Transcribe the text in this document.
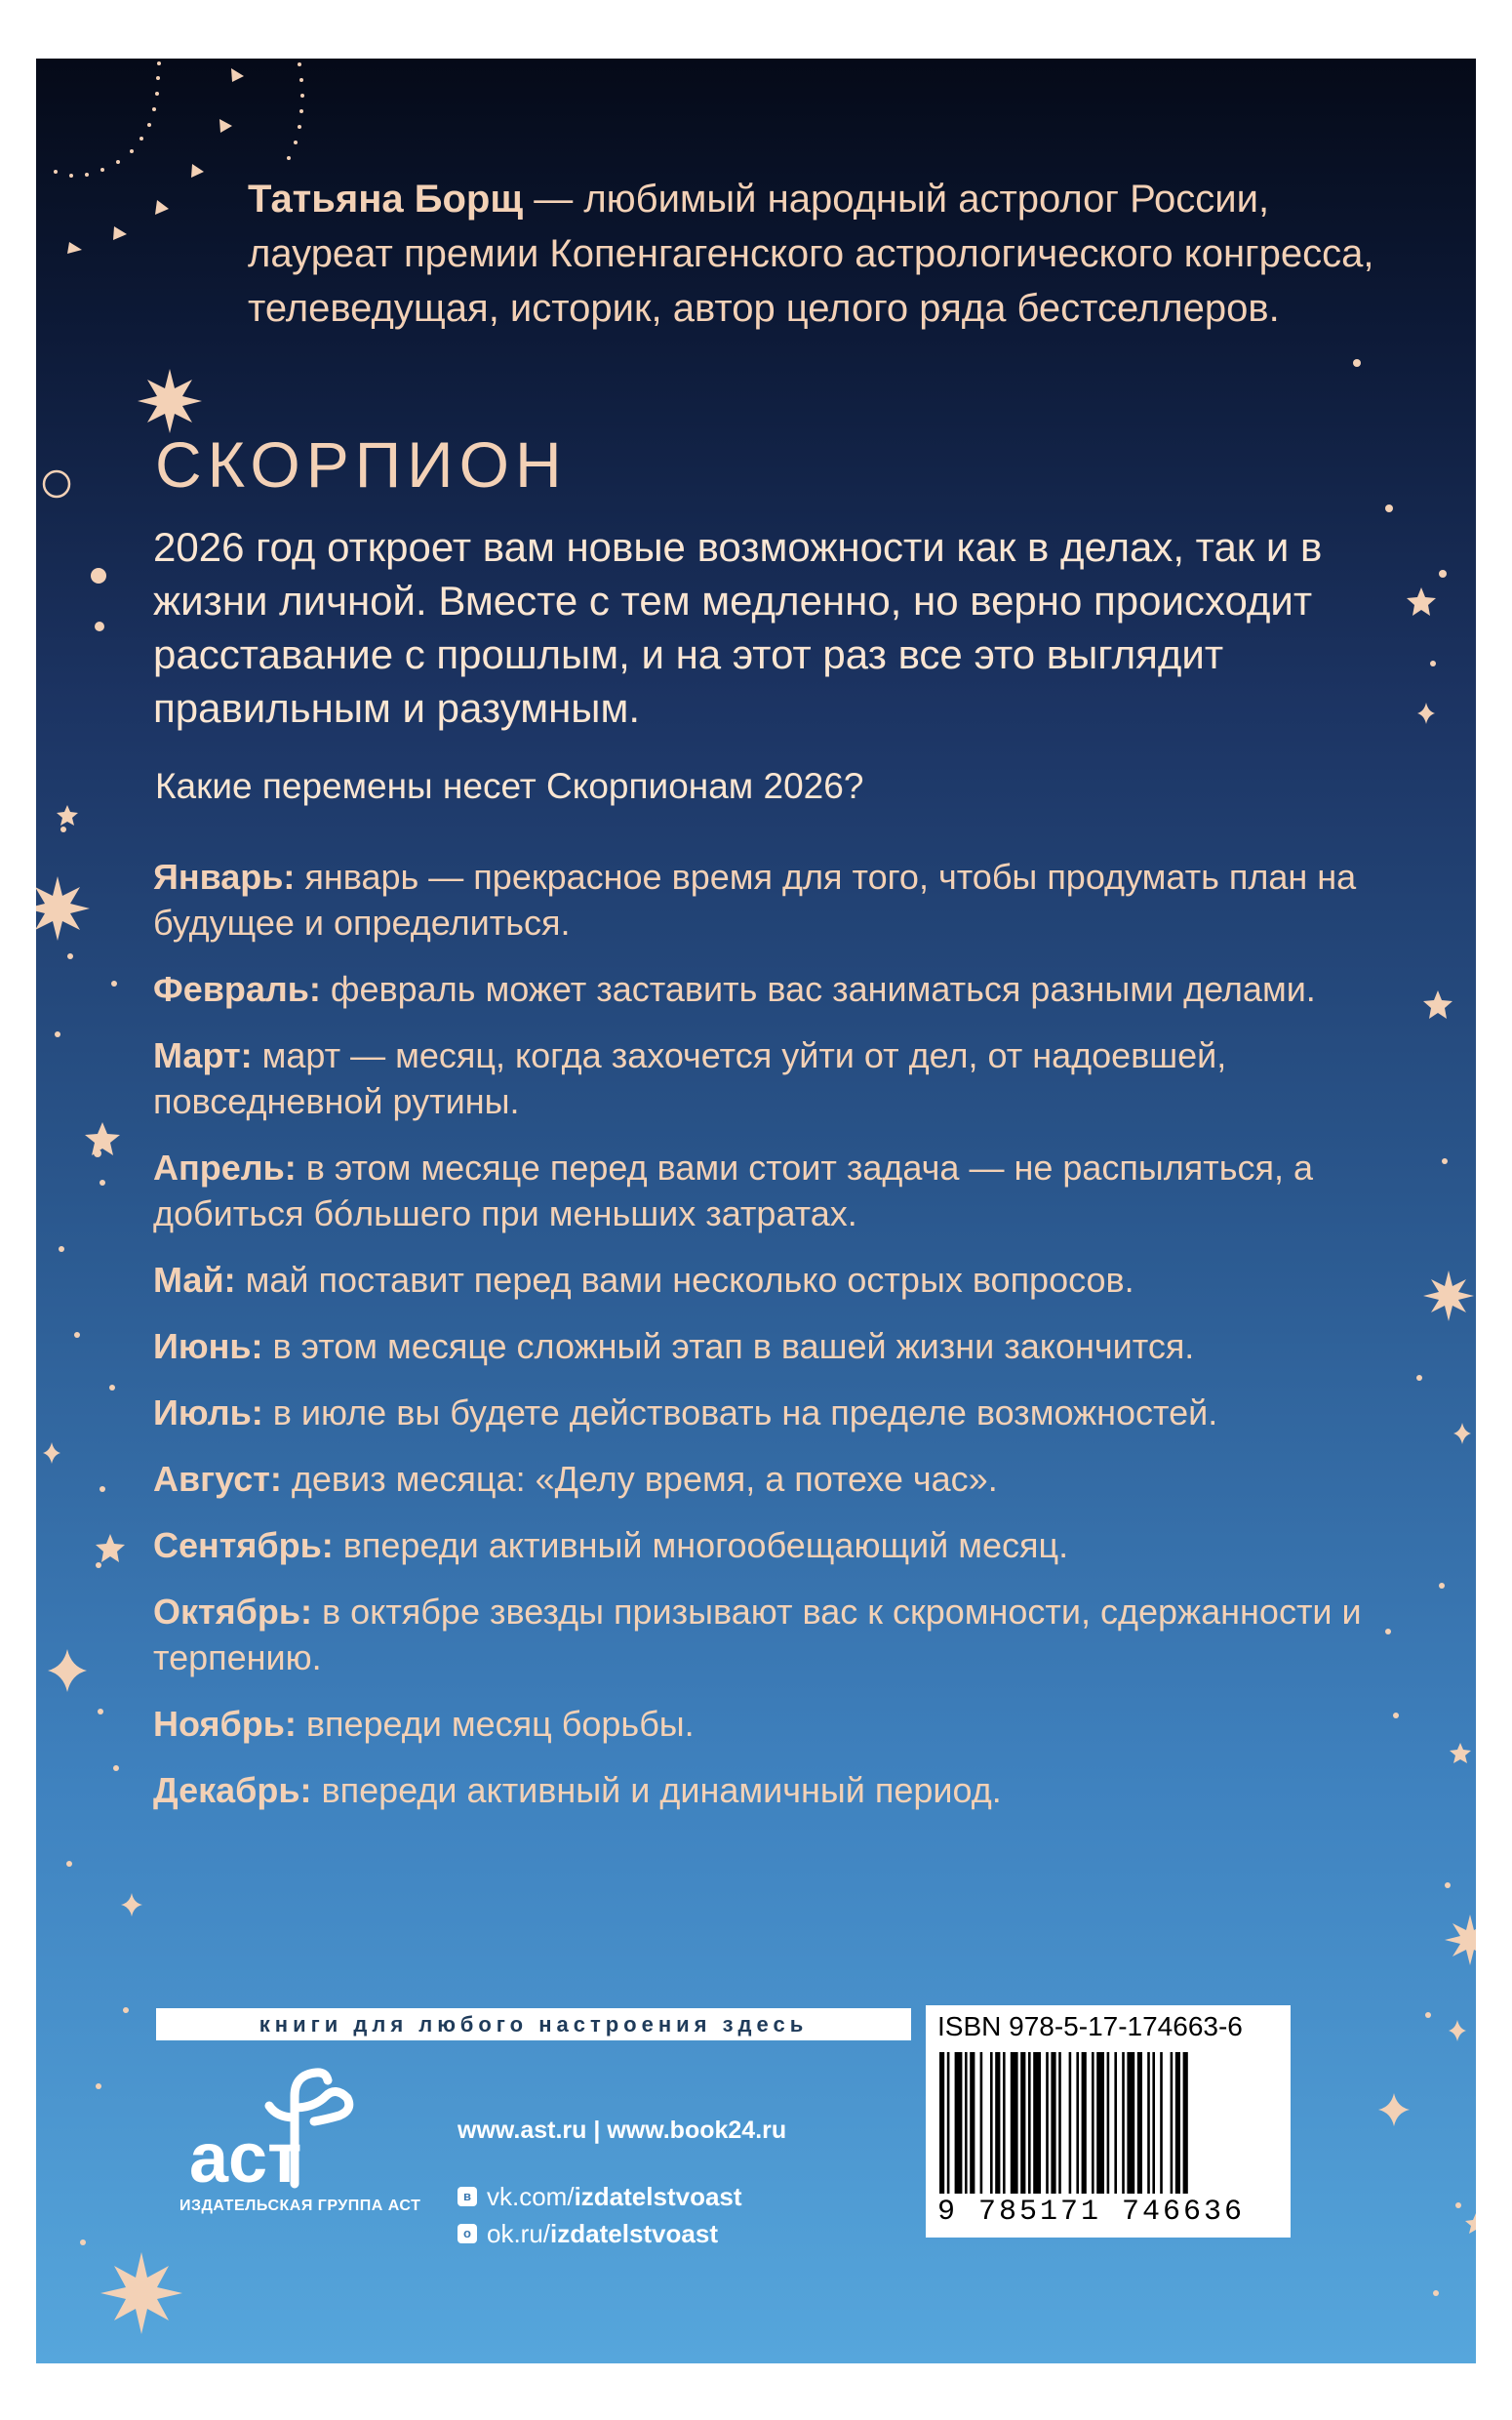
Татьяна Борщ — любимый народный астролог России,
лауреат премии Копенгагенского астрологического конгресса,
телеведущая, историк, автор целого ряда бестселлеров.
СКОРПИОН
2026 год откроет вам новые возможности как в делах, так и в жизни личной. Вместе с тем медленно, но верно происходит расставание с прошлым, и на этот раз все это выглядит правильным и разумным.
Какие перемены несет Скорпионам 2026?
Январь: январь — прекрасное время для того, чтобы продумать план на будущее и определиться.
Февраль: февраль может заставить вас заниматься разными делами.
Март: март — месяц, когда захочется уйти от дел, от надоевшей, повседневной рутины.
Апрель: в этом месяце перед вами стоит задача — не распыляться, а добиться бóльшего при меньших затратах.
Май: май поставит перед вами несколько острых вопросов.
Июнь: в этом месяце сложный этап в вашей жизни закончится.
Июль: в июле вы будете действовать на пределе возможностей.
Август: девиз месяца: «Делу время, а потехе час».
Сентябрь: впереди активный многообещающий месяц.
Октябрь: в октябре звезды призывают вас к скромности, сдержанности и терпению.
Ноябрь: впереди месяц борьбы.
Декабрь: впереди активный и динамичный период.
книги для любого настроения здесь
аст
ИЗДАТЕЛЬСКАЯ ГРУППА АСТ
www.ast.ru | www.book24.ru
в vk.com/ izdatelstvoast
о ok.ru/ izdatelstvoast
ISBN 978-5-17-174663-6
9 785171 746636
